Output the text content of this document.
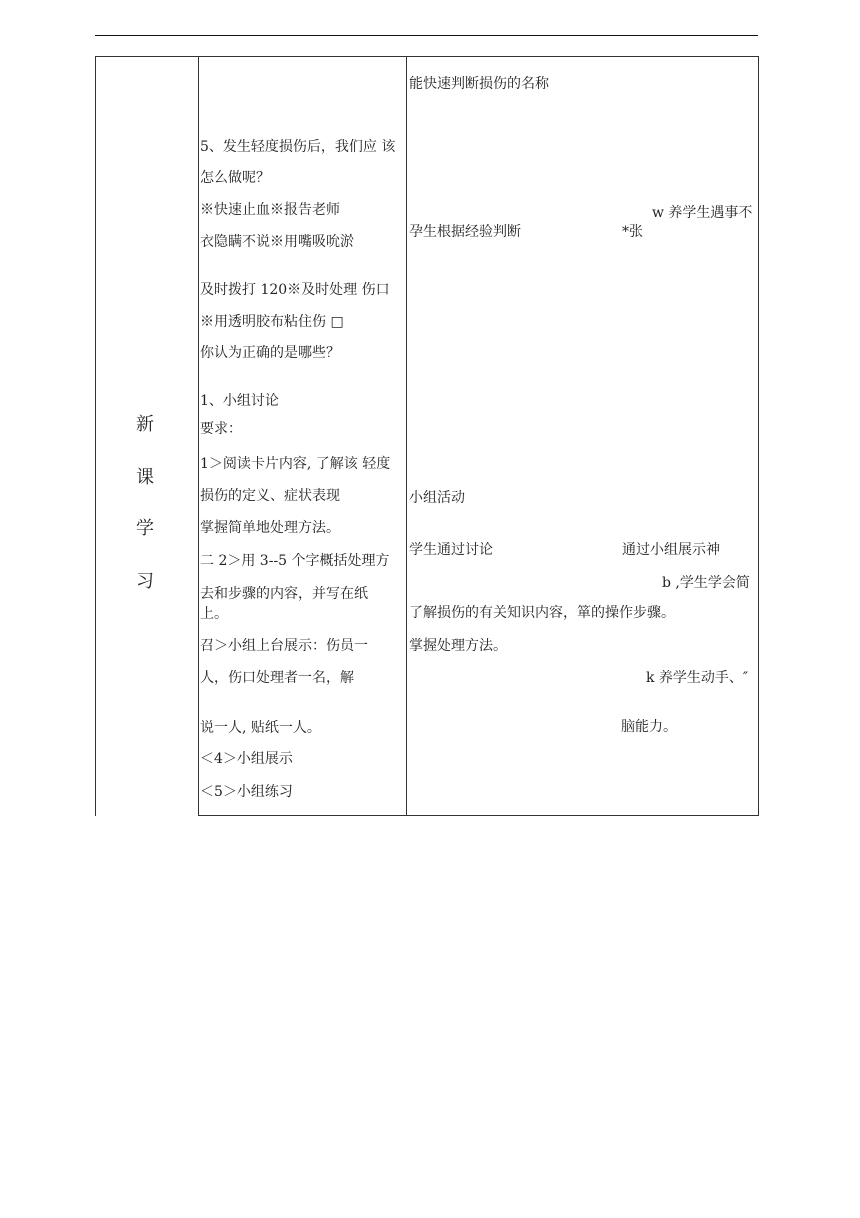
新
课
学
习
5、发生轻度损伤后，我们应 该
怎么做呢？
※快速止血※报告老师
衣隐瞒不说※用嘴吸吮淤
及时拨打 120※及时处理 伤口
※用透明胶布粘住伤 □
你认为正确的是哪些？
1、小组讨论
要求：
1＞阅读卡片内容, 了解该 轻度
损伤的定义、症状表现
掌握简单地处理方法。
二 2＞用 3--5 个字概括处理方
去和步骤的内容，并写在纸
上。
召＞小组上台展示：伤员一
人，伤口处理者一名，解
说一人, 贴纸一人。
＜4＞小组展示
＜5＞小组练习
能快速判断损伤的名称
w 养学生遇事不
孕生根据经验判断	*张
小组活动
学生通过讨论	通过小组展示神
b ,学生学会简
了解损伤的有关知识内容，箪的操作步骤。
掌握处理方法。
k 养学生动手、″
脑能力。
